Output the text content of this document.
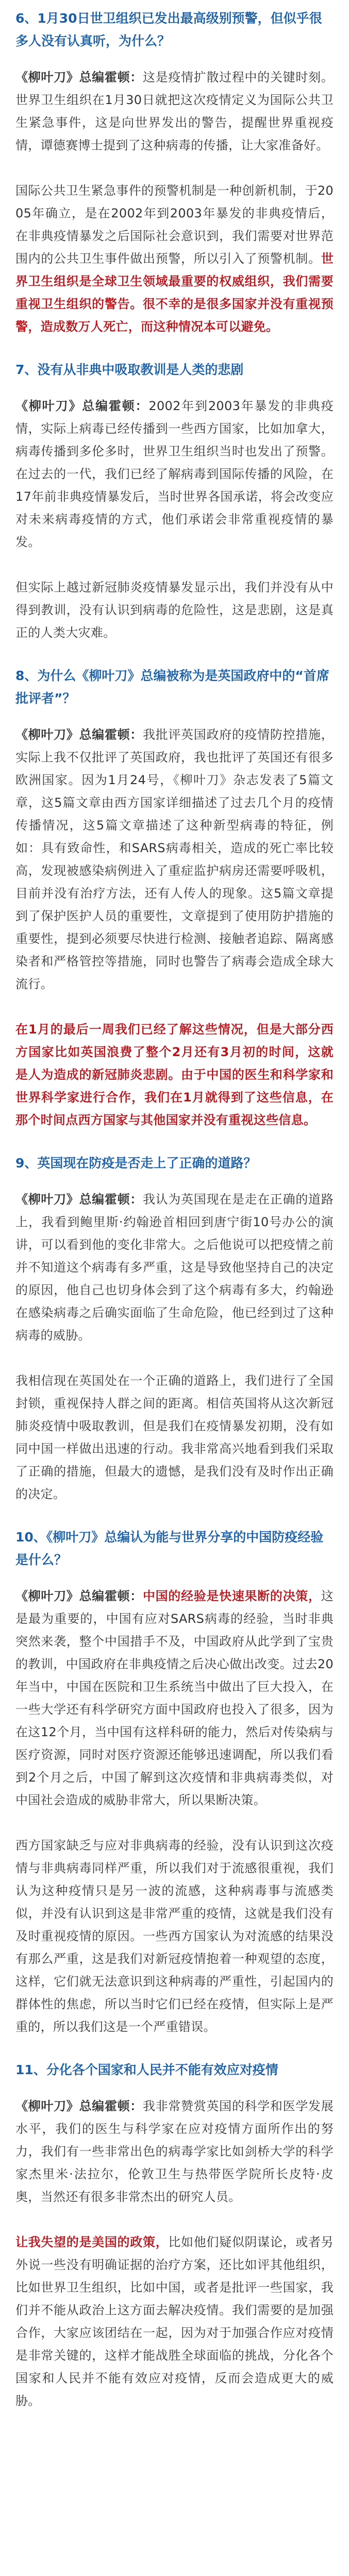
6、1月30日世卫组织已发出最高级别预警，但似乎很多人没有认真听，为什么？
《柳叶刀》总编霍顿：这是疫情扩散过程中的关键时刻。世界卫生组织在1月30日就把这次疫情定义为国际公共卫生紧急事件，这是向世界发出的警告，提醒世界重视疫情，谭德赛博士提到了这种病毒的传播，让大家准备好。
国际公共卫生紧急事件的预警机制是一种创新机制，于2005年确立，是在2002年到2003年暴发的非典疫情后，在非典疫情暴发之后国际社会意识到，我们需要对世界范围内的公共卫生事件做出预警，所以引入了预警机制。世界卫生组织是全球卫生领域最重要的权威组织，我们需要重视卫生组织的警告。很不幸的是很多国家并没有重视预警，造成数万人死亡，而这种情况本可以避免。
7、没有从非典中吸取教训是人类的悲剧
《柳叶刀》总编霍顿：2002年到2003年暴发的非典疫情，实际上病毒已经传播到一些西方国家，比如加拿大，病毒传播到多伦多时，世界卫生组织当时也发出了预警。在过去的一代，我们已经了解病毒到国际传播的风险，在17年前非典疫情暴发后，当时世界各国承诺，将会改变应对未来病毒疫情的方式，他们承诺会非常重视疫情的暴发。
但实际上越过新冠肺炎疫情暴发显示出，我们并没有从中得到教训，没有认识到病毒的危险性，这是悲剧，这是真正的人类大灾难。
8、为什么《柳叶刀》总编被称为是英国政府中的“首席批评者”？
《柳叶刀》总编霍顿：我批评英国政府的疫情防控措施，实际上我不仅批评了英国政府，我也批评了英国还有很多欧洲国家。因为1月24号，《柳叶刀》杂志发表了5篇文章，这5篇文章由西方国家详细描述了过去几个月的疫情传播情况，这5篇文章描述了这种新型病毒的特征，例如：具有致命性，和SARS病毒相关，造成的死亡率比较高，发现被感染病例进入了重症监护病房还需要呼吸机，目前并没有治疗方法，还有人传人的现象。这5篇文章提到了保护医护人员的重要性，文章提到了使用防护措施的重要性，提到必须要尽快进行检测、接触者追踪、隔离感染者和严格管控等措施，同时也警告了病毒会造成全球大流行。
在1月的最后一周我们已经了解这些情况，但是大部分西方国家比如英国浪费了整个2月还有3月初的时间，这就是人为造成的新冠肺炎悲剧。由于中国的医生和科学家和世界科学家进行合作，我们在1月就得到了这些信息，在那个时间点西方国家与其他国家并没有重视这些信息。
9、英国现在防疫是否走上了正确的道路？
《柳叶刀》总编霍顿：我认为英国现在是走在正确的道路上，我看到鲍里斯·约翰逊首相回到唐宁街10号办公的演讲，可以看到他的变化非常大。之后他说可以把疫情之前并不知道这个病毒有多严重，这是导致他坚持自己的决定的原因，他自己也切身体会到了这个病毒有多大，约翰逊在感染病毒之后确实面临了生命危险，他已经到过了这种病毒的威胁。
我相信现在英国处在一个正确的道路上，我们进行了全国封锁，重视保持人群之间的距离。相信英国将从这次新冠肺炎疫情中吸取教训，但是我们在疫情暴发初期，没有如同中国一样做出迅速的行动。我非常高兴地看到我们采取了正确的措施，但最大的遗憾，是我们没有及时作出正确的决定。
10、《柳叶刀》总编认为能与世界分享的中国防疫经验是什么？
《柳叶刀》总编霍顿：中国的经验是快速果断的决策，这是最为重要的，中国有应对SARS病毒的经验，当时非典突然来袭，整个中国措手不及，中国政府从此学到了宝贵的教训，中国政府在非典疫情之后决心做出改变。过去20年当中，中国在医院和卫生系统当中做出了巨大投入，在一些大学还有科学研究方面中国政府也投入了很多，因为在这12个月，当中国有这样科研的能力，然后对传染病与医疗资源，同时对医疗资源还能够迅速调配，所以我们看到2个月之后，中国了解到这次疫情和非典病毒类似，对中国社会造成的威胁非常大，所以果断决策。
西方国家缺乏与应对非典病毒的经验，没有认识到这次疫情与非典病毒同样严重，所以我们对于流感很重视，我们认为这种疫情只是另一波的流感，这种病毒事与流感类似，并没有认识到这是非常严重的疫情，这就是我们没有及时重视疫情的原因。一些西方国家认为对流感的结果没有那么严重，这是我们对新冠疫情抱着一种观望的态度，这样，它们就无法意识到这种病毒的严重性，引起国内的群体性的焦虑，所以当时它们已经在疫情，但实际上是严重的，所以我们这是一个严重错误。
11、分化各个国家和人民并不能有效应对疫情
《柳叶刀》总编霍顿：我非常赞赏英国的科学和医学发展水平，我们的医生与科学家在应对疫情方面所作出的努力，我们有一些非常出色的病毒学家比如剑桥大学的科学家杰里米·法拉尔，伦敦卫生与热带医学院所长皮特·皮奥，当然还有很多非常杰出的研究人员。
让我失望的是美国的政策，比如他们疑似阴谋论，或者另外说一些没有明确证据的治疗方案，还比如评其他组织，比如世界卫生组织，比如中国，或者是批评一些国家，我们并不能从政治上这方面去解决疫情。我们需要的是加强合作，大家应该团结在一起，因为对于加强合作应对疫情是非常关键的，这样才能战胜全球面临的挑战，分化各个国家和人民并不能有效应对疫情，反而会造成更大的威胁。
